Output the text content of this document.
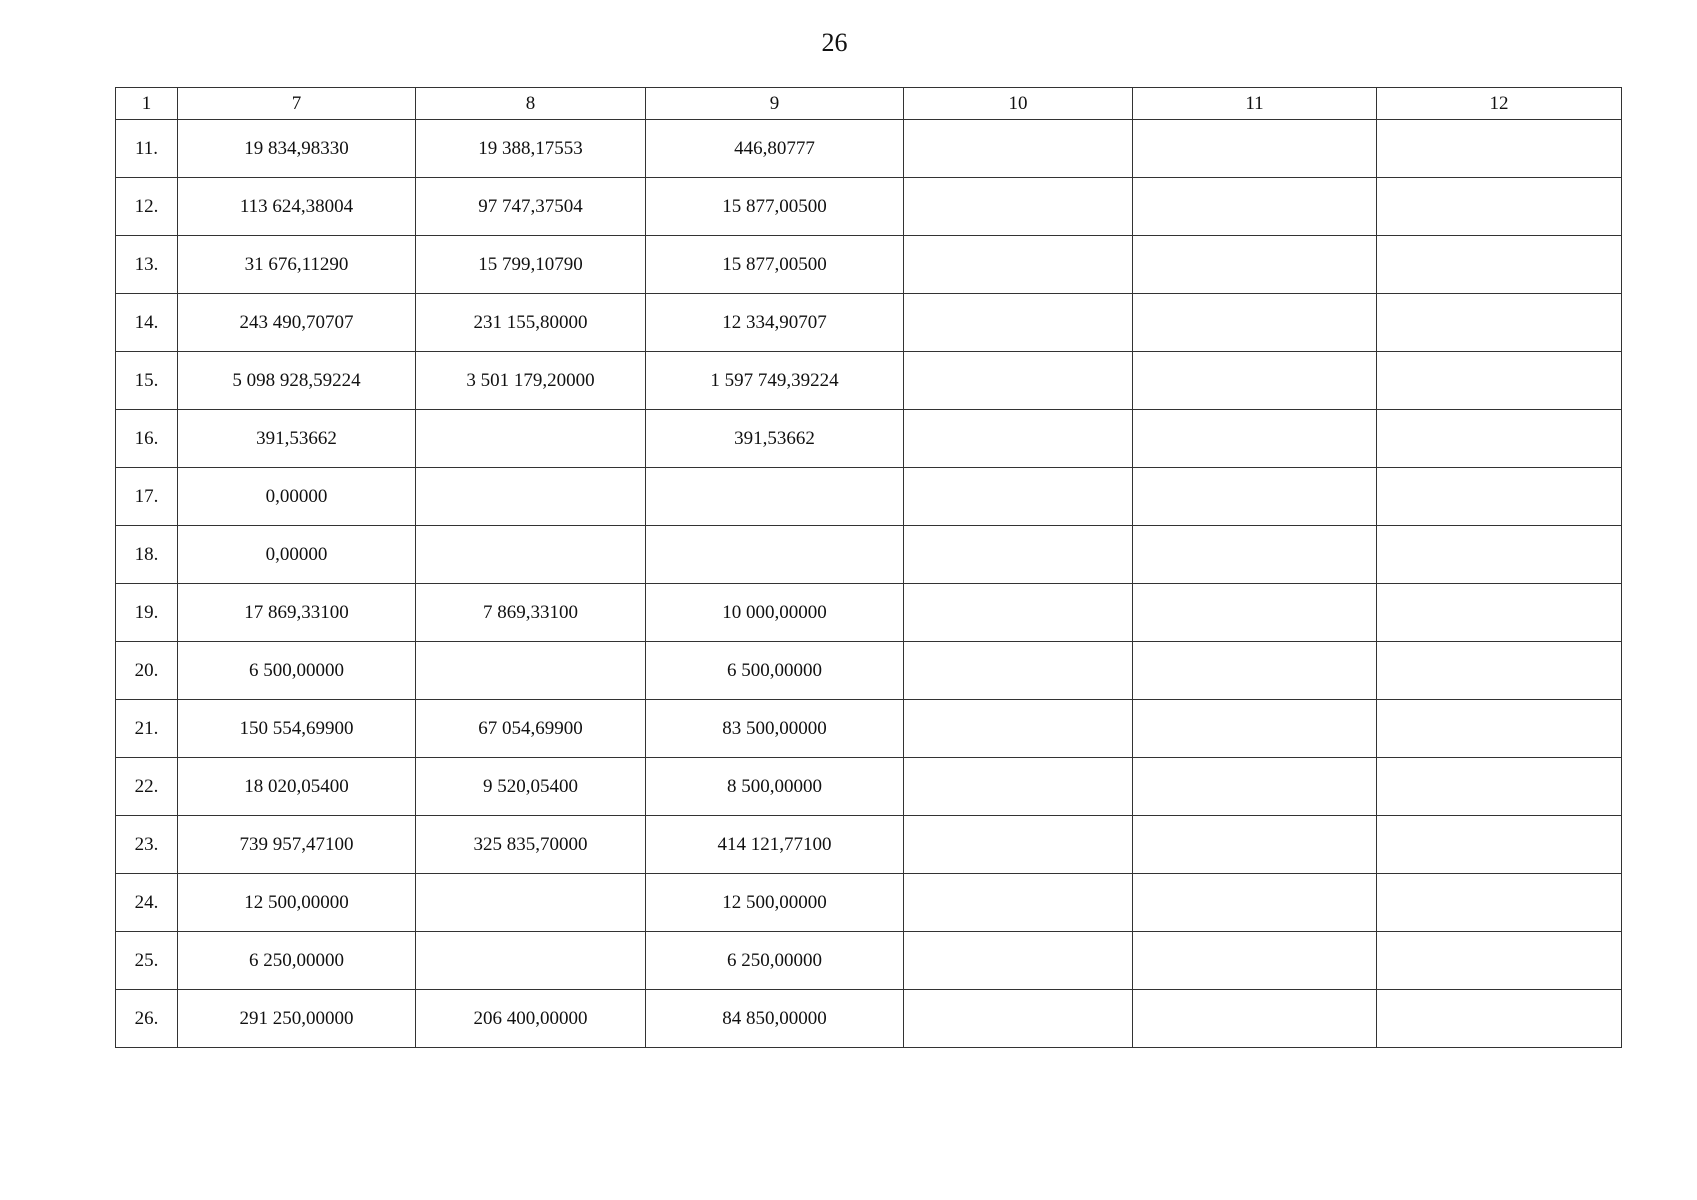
26
1	7	8	9	10	11	12
11.	19 834,98330	19 388,17553	446,80777			
12.	113 624,38004	97 747,37504	15 877,00500			
13.	31 676,11290	15 799,10790	15 877,00500			
14.	243 490,70707	231 155,80000	12 334,90707			
15.	5 098 928,59224	3 501 179,20000	1 597 749,39224			
16.	391,53662		391,53662			
17.	0,00000					
18.	0,00000					
19.	17 869,33100	7 869,33100	10 000,00000			
20.	6 500,00000		6 500,00000			
21.	150 554,69900	67 054,69900	83 500,00000			
22.	18 020,05400	9 520,05400	8 500,00000			
23.	739 957,47100	325 835,70000	414 121,77100			
24.	12 500,00000		12 500,00000			
25.	6 250,00000		6 250,00000			
26.	291 250,00000	206 400,00000	84 850,00000			
